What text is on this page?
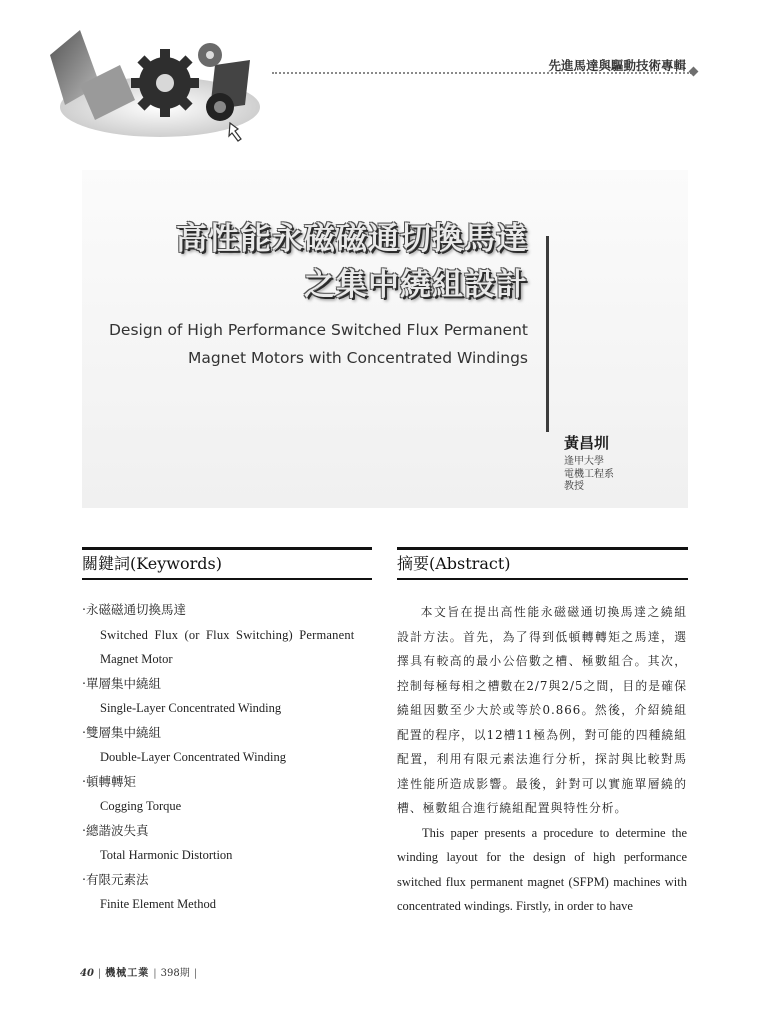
先進馬達與驅動技術專輯
高性能永磁磁通切換馬達
之集中繞組設計
Design of High Performance Switched Flux Permanent
Magnet Motors with Concentrated Windings
黃昌圳
逢甲大學
電機工程系
教授
關鍵詞(Keywords)
‧永磁磁通切換馬達
Switched Flux (or Flux Switching) Permanent
Magnet Motor
‧單層集中繞組
Single-Layer Concentrated Winding
‧雙層集中繞組
Double-Layer Concentrated Winding
‧頓轉轉矩
Cogging Torque
‧總諧波失真
Total Harmonic Distortion
‧有限元素法
Finite Element Method
摘要(Abstract)

本文旨在提出高性能永磁磁通切換馬達之繞組設計方法。首先，為了得到低頓轉轉矩之馬達，選擇具有較高的最小公倍數之槽、極數組合。其次，控制每極每相之槽數在2/7與2/5之間，目的是確保繞組因數至少大於或等於0.866。然後，介紹繞組配置的程序，以12槽11極為例，對可能的四種繞組配置，利用有限元素法進行分析，探討與比較對馬達性能所造成影響。最後，針對可以實施單層繞的槽、極數組合進行繞組配置與特性分析。

This paper presents a procedure to determine the winding layout for the design of high performance switched flux permanent magnet (SFPM) machines with concentrated windings. Firstly, in order to have

40 | 機械工業 | 398期 |
